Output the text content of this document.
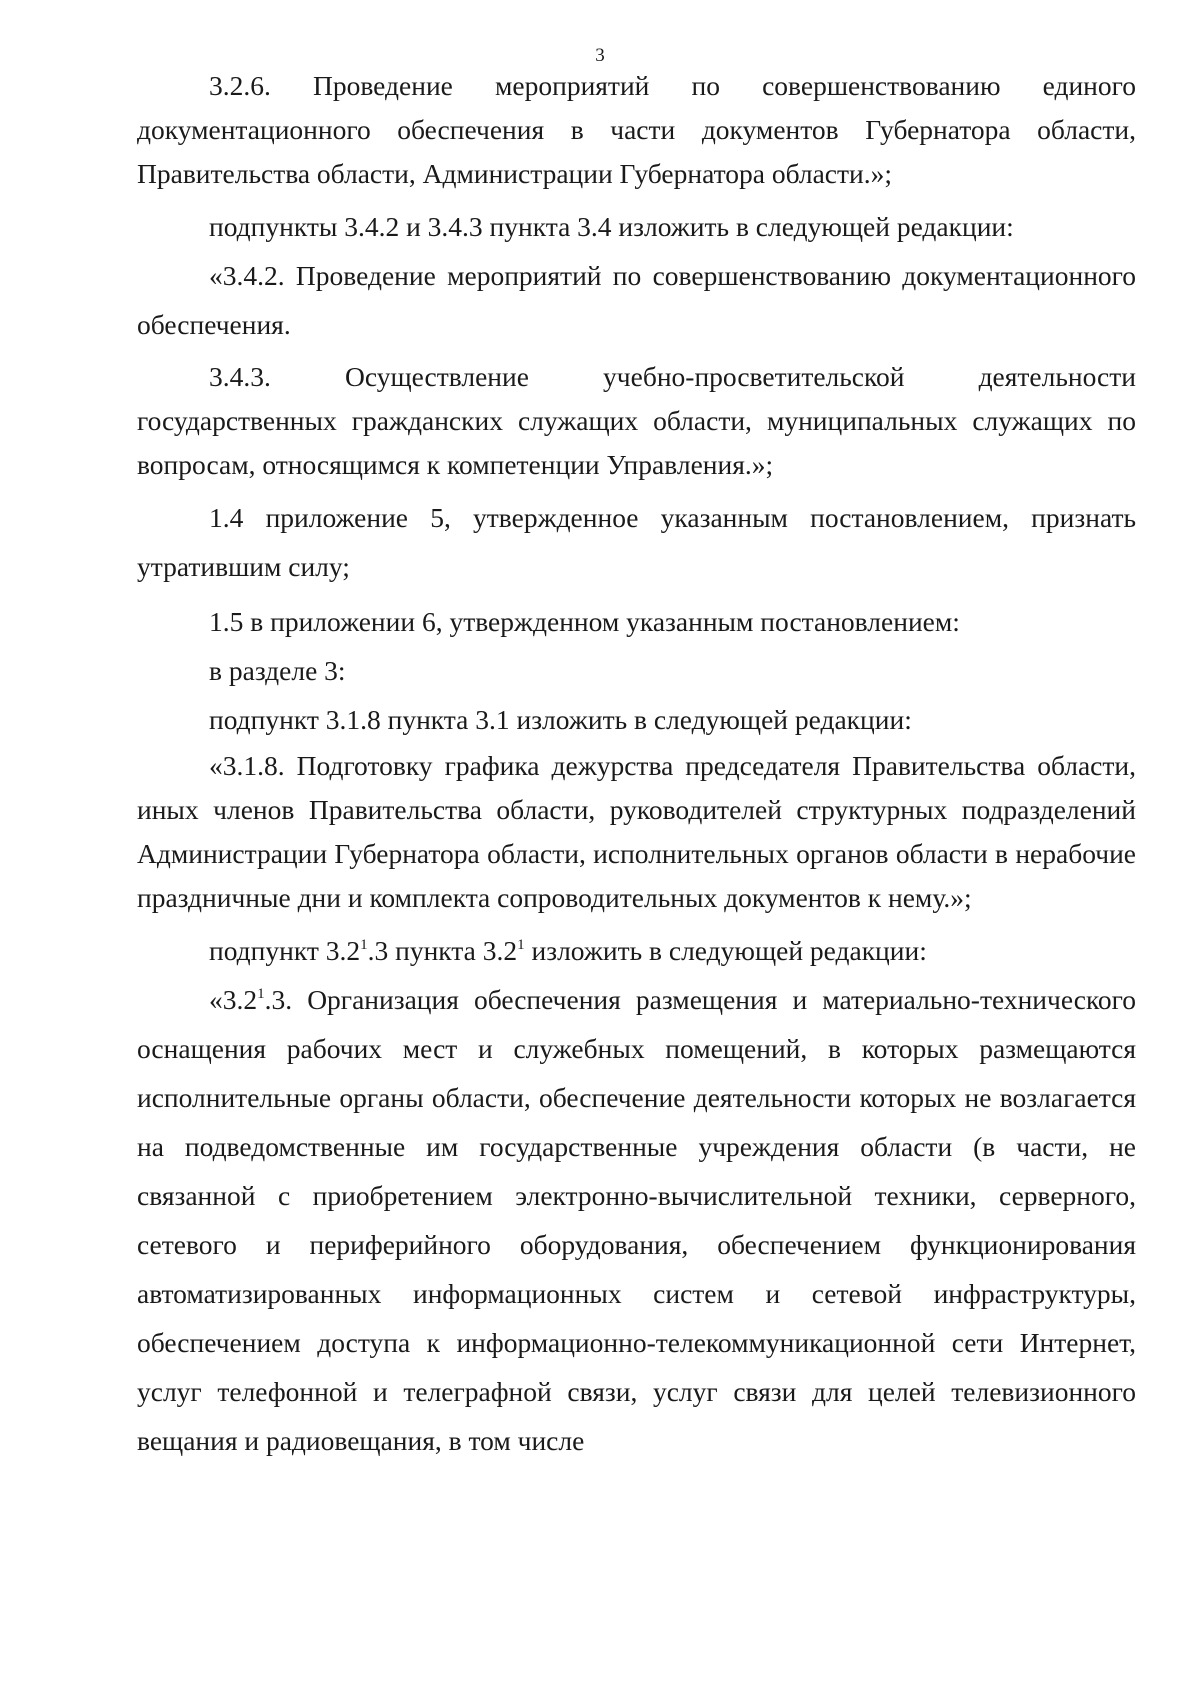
3

3.2.6. Проведение мероприятий по совершенствованию единого документационного обеспечения в части документов Губернатора области, Правительства области, Администрации Губернатора области.»;

подпункты 3.4.2 и 3.4.3 пункта 3.4 изложить в следующей редакции:

«3.4.2. Проведение мероприятий по совершенствованию документационного обеспечения.

3.4.3. Осуществление учебно-просветительской деятельности государственных гражданских служащих области, муниципальных служащих по вопросам, относящимся к компетенции Управления.»;

1.4 приложение 5, утвержденное указанным постановлением, признать утратившим силу;

1.5 в приложении 6, утвержденном указанным постановлением:

в разделе 3:

подпункт 3.1.8 пункта 3.1 изложить в следующей редакции:

«3.1.8. Подготовку графика дежурства председателя Правительства области, иных членов Правительства области, руководителей структурных подразделений Администрации Губернатора области, исполнительных органов области в нерабочие праздничные дни и комплекта сопроводительных документов к нему.»;

подпункт $3.2^1.3$ пункта $3.2^1$ изложить в следующей редакции:

«$3.2^1.3$. Организация обеспечения размещения и материально-технического оснащения рабочих мест и служебных помещений, в которых размещаются исполнительные органы области, обеспечение деятельности которых не возлагается на подведомственные им государственные учреждения области (в части, не связанной с приобретением электронно-вычислительной техники, серверного, сетевого и периферийного оборудования, обеспечением функционирования автоматизированных информационных систем и сетевой инфраструктуры, обеспечением доступа к информационно-телекоммуникационной сети Интернет, услуг телефонной и телеграфной связи, услуг связи для целей телевизионного вещания и радиовещания, в том числе
